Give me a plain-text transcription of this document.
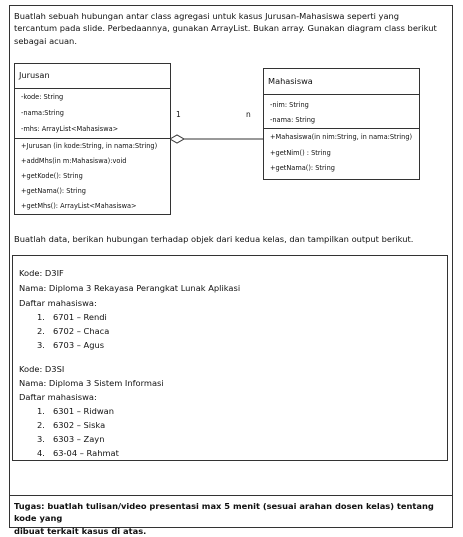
Buatlah sebuah hubungan antar class agregasi untuk kasus Jurusan-Mahasiswa seperti yang
tercantum pada slide. Perbedaannya, gunakan ArrayList. Bukan array. Gunakan diagram class berikut
sebagai acuan.
1	n
Jurusan
-kode: String
-nama:String
-mhs: ArrayList<Mahasiswa>
+Jurusan (in kode:String, in nama:String)
+addMhs(in m:Mahasiswa):void
+getKode(): String
+getNama(): String
+getMhs(): ArrayList<Mahasiswa>
Mahasiswa
-nim: String
-nama: String
+Mahasiswa(in nim:String, in nama:String)
+getNim() : String
+getNama(): String
Buatlah data, berikan hubungan terhadap objek dari kedua kelas, dan tampilkan output berikut.
Kode: D3IF
Nama: Diploma 3 Rekayasa Perangkat Lunak Aplikasi
Daftar mahasiswa:
1. 6701 – Rendi
2. 6702 – Chaca
3. 6703 – Agus
Kode: D3SI
Nama: Diploma 3 Sistem Informasi
Daftar mahasiswa:
1. 6301 – Ridwan
2. 6302 – Siska
3. 6303 – Zayn
4. 63-04 – Rahmat
Tugas: buatlah tulisan/video presentasi max 5 menit (sesuai arahan dosen kelas) tentang kode yang
dibuat terkait kasus di atas.
